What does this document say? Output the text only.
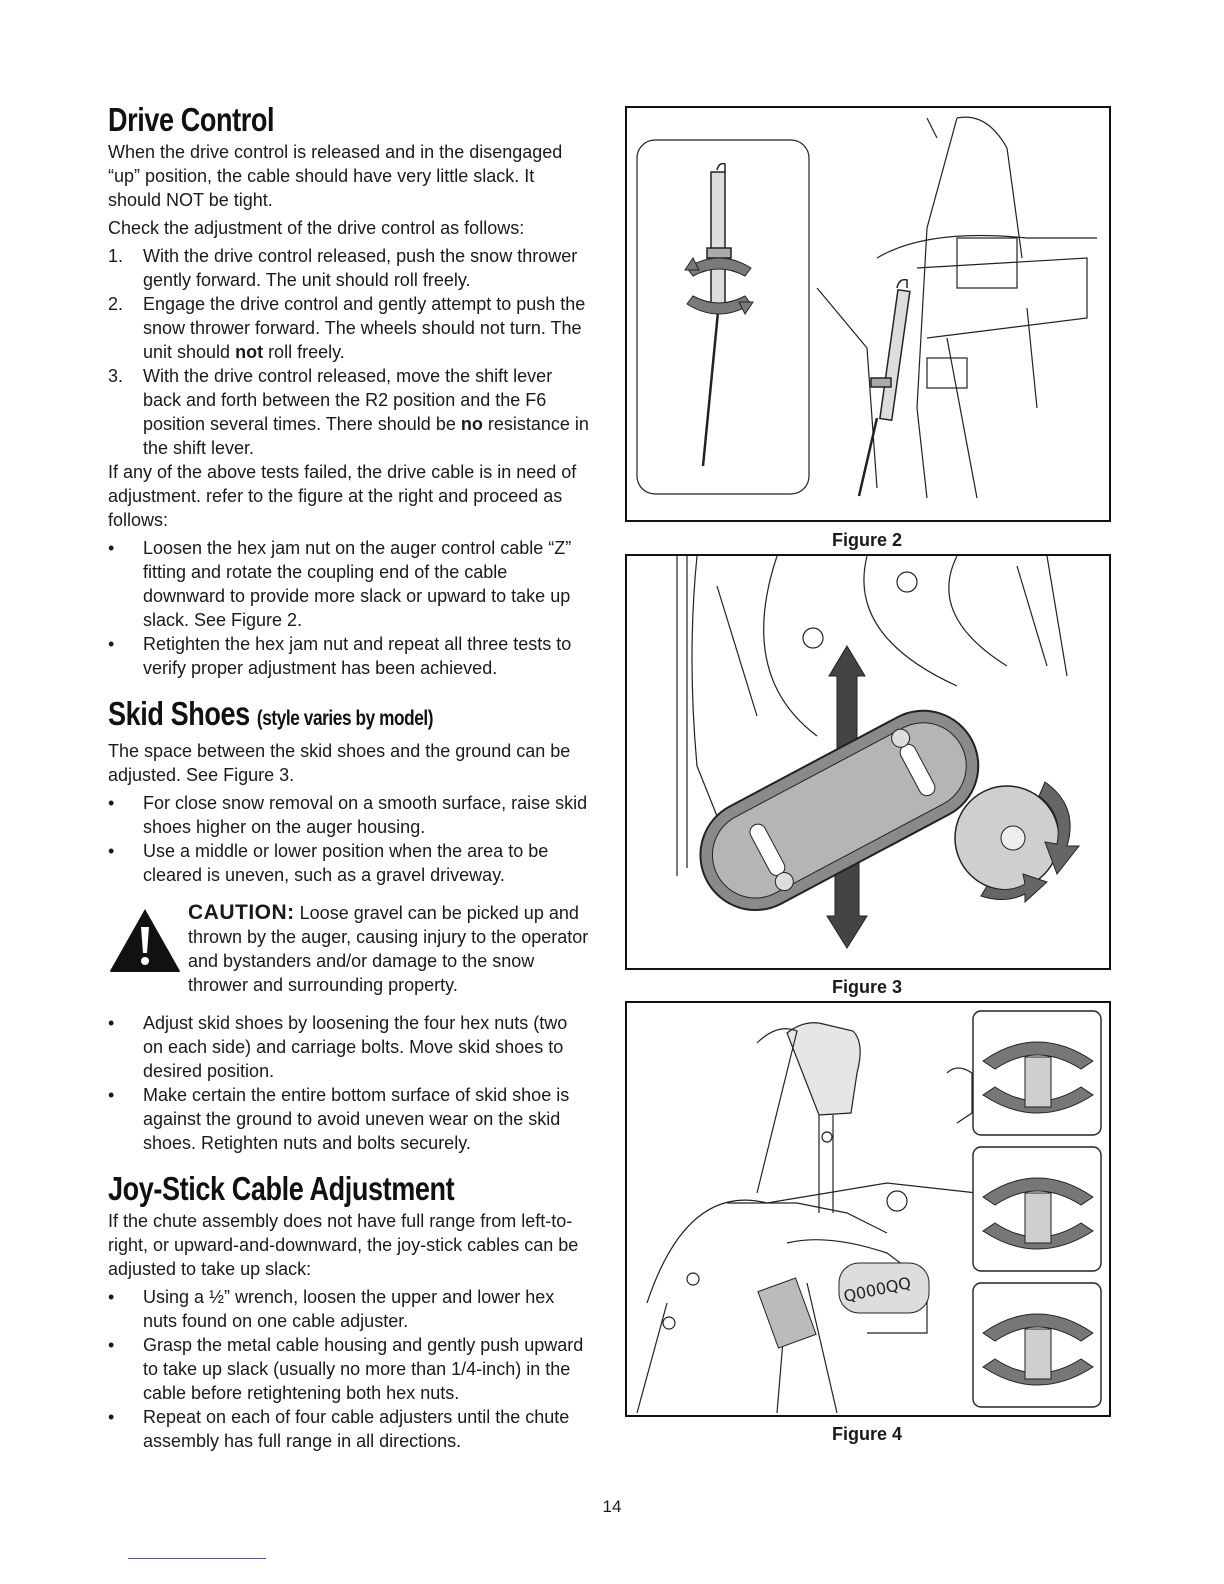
Drive Control

When the drive control is released and in the disengaged “up” position, the cable should have very little slack. It should NOT be tight.

Check the adjustment of the drive control as follows:

1.	With the drive control released, push the snow thrower gently forward. The unit should roll freely.
2.	Engage the drive control and gently attempt to push the snow thrower forward. The wheels should not turn. The unit should not roll freely.
3.	With the drive control released, move the shift lever back and forth between the R2 position and the F6 position several times. There should be no resistance in the shift lever.

If any of the above tests failed, the drive cable is in need of adjustment. refer to the figure at the right and proceed as follows:

•	Loosen the hex jam nut on the auger control cable “Z” fitting and rotate the coupling end of the cable downward to provide more slack or upward to take up slack. See Figure 2.
•	Retighten the hex jam nut and repeat all three tests to verify proper adjustment has been achieved.
Skid Shoes (style varies by model)

The space between the skid shoes and the ground can be adjusted. See Figure 3.

•	For close snow removal on a smooth surface, raise skid shoes higher on the auger housing.
•	Use a middle or lower position when the area to be cleared is uneven, such as a gravel driveway.
CAUTION: Loose gravel can be picked up and thrown by the auger, causing injury to the operator and bystanders and/or damage to the snow thrower and surrounding property.
•	Adjust skid shoes by loosening the four hex nuts (two on each side) and carriage bolts. Move skid shoes to desired position.
•	Make certain the entire bottom surface of skid shoe is against the ground to avoid uneven wear on the skid shoes. Retighten nuts and bolts securely.
Joy-Stick Cable Adjustment

If the chute assembly does not have full range from left-to-right, or upward-and-downward, the joy-stick cables can be adjusted to take up slack:

•	Using a ½” wrench, loosen the upper and lower hex nuts found on one cable adjuster.
•	Grasp the metal cable housing and gently push upward to take up slack (usually no more than 1/4-inch) in the cable before retightening both hex nuts.
•	Repeat on each of four cable adjusters until the chute assembly has full range in all directions.
Figure 2
Figure 3
Q000QQ
Figure 4
14
